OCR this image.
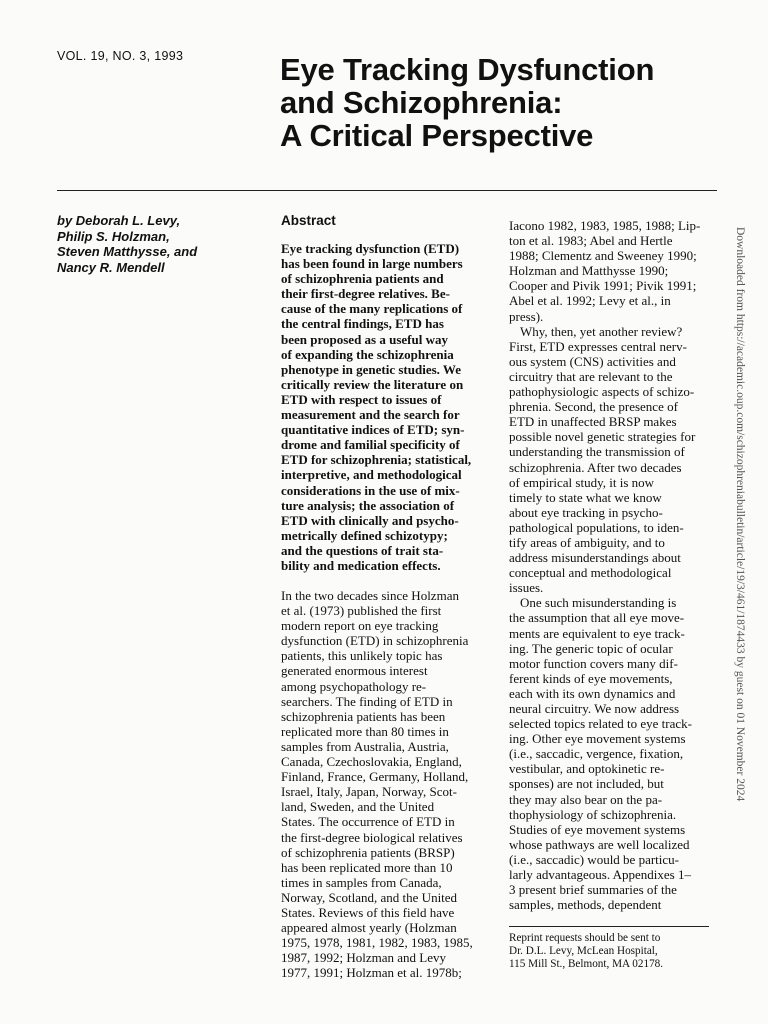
VOL. 19, NO. 3, 1993	Eye Tracking Dysfunction
and Schizophrenia:
A Critical Perspective
by Deborah L. Levy,
Philip S. Holzman,
Steven Matthysse, and
Nancy R. Mendell
Abstract
Eye tracking dysfunction (ETD)
has been found in large numbers
of schizophrenia patients and
their first-degree relatives. Be-
cause of the many replications of
the central findings, ETD has
been proposed as a useful way
of expanding the schizophrenia
phenotype in genetic studies. We
critically review the literature on
ETD with respect to issues of
measurement and the search for
quantitative indices of ETD; syn-
drome and familial specificity of
ETD for schizophrenia; statistical,
interpretive, and methodological
considerations in the use of mix-
ture analysis; the association of
ETD with clinically and psycho-
metrically defined schizotypy;
and the questions of trait sta-
bility and medication effects.
In the two decades since Holzman
et al. (1973) published the first
modern report on eye tracking
dysfunction (ETD) in schizophrenia
patients, this unlikely topic has
generated enormous interest
among psychopathology re-
searchers. The finding of ETD in
schizophrenia patients has been
replicated more than 80 times in
samples from Australia, Austria,
Canada, Czechoslovakia, England,
Finland, France, Germany, Holland,
Israel, Italy, Japan, Norway, Scot-
land, Sweden, and the United
States. The occurrence of ETD in
the first-degree biological relatives
of schizophrenia patients (BRSP)
has been replicated more than 10
times in samples from Canada,
Norway, Scotland, and the United
States. Reviews of this field have
appeared almost yearly (Holzman
1975, 1978, 1981, 1982, 1983, 1985,
1987, 1992; Holzman and Levy
1977, 1991; Holzman et al. 1978b;
Iacono 1982, 1983, 1985, 1988; Lip-
ton et al. 1983; Abel and Hertle
1988; Clementz and Sweeney 1990;
Holzman and Matthysse 1990;
Cooper and Pivik 1991; Pivik 1991;
Abel et al. 1992; Levy et al., in
press).
Why, then, yet another review?
First, ETD expresses central nerv-
ous system (CNS) activities and
circuitry that are relevant to the
pathophysiologic aspects of schizo-
phrenia. Second, the presence of
ETD in unaffected BRSP makes
possible novel genetic strategies for
understanding the transmission of
schizophrenia. After two decades
of empirical study, it is now
timely to state what we know
about eye tracking in psycho-
pathological populations, to iden-
tify areas of ambiguity, and to
address misunderstandings about
conceptual and methodological
issues.
One such misunderstanding is
the assumption that all eye move-
ments are equivalent to eye track-
ing. The generic topic of ocular
motor function covers many dif-
ferent kinds of eye movements,
each with its own dynamics and
neural circuitry. We now address
selected topics related to eye track-
ing. Other eye movement systems
(i.e., saccadic, vergence, fixation,
vestibular, and optokinetic re-
sponses) are not included, but
they may also bear on the pa-
thophysiology of schizophrenia.
Studies of eye movement systems
whose pathways are well localized
(i.e., saccadic) would be particu-
larly advantageous. Appendixes 1–
3 present brief summaries of the
samples, methods, dependent
Reprint requests should be sent to
Dr. D.L. Levy, McLean Hospital,
115 Mill St., Belmont, MA 02178.
Downloaded from https://academic.oup.com/schizophreniabulletin/article/19/3/461/1874433 by guest on 01 November 2024
